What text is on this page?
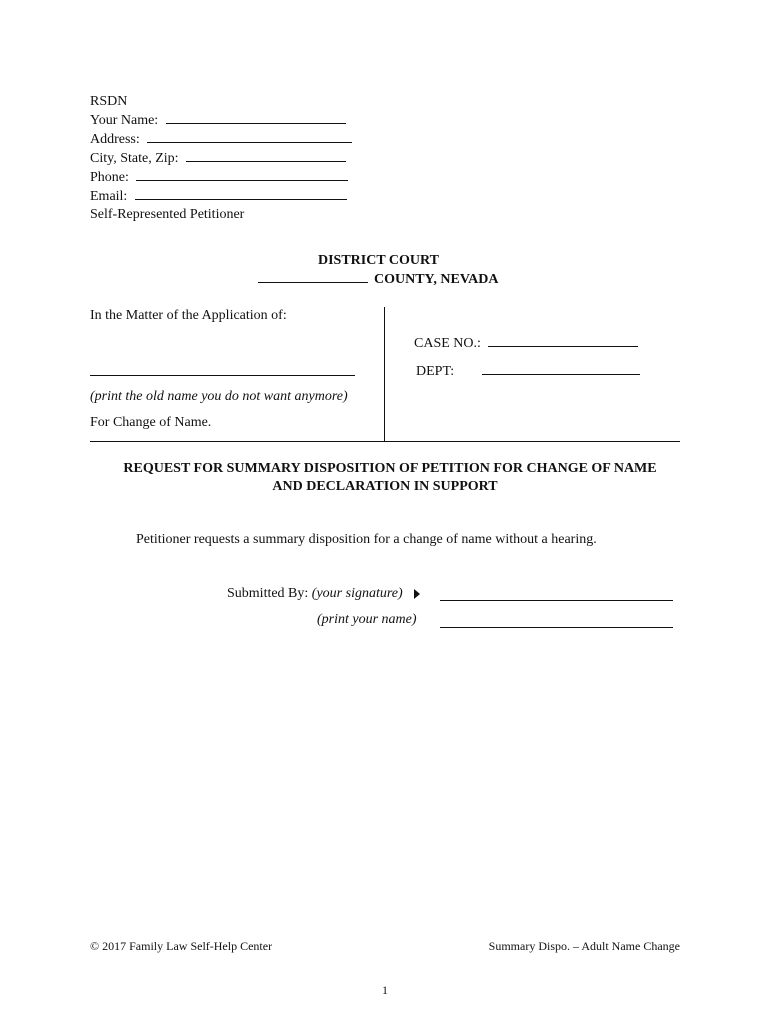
RSDN
Your Name:
Address:
City, State, Zip:
Phone:
Email:
Self-Represented Petitioner
DISTRICT COURT
COUNTY, NEVADA
In the Matter of the Application of:
(print the old name you do not want anymore)
For Change of Name.
CASE NO.:
DEPT:
REQUEST FOR SUMMARY DISPOSITION OF PETITION FOR CHANGE OF NAME
AND DECLARATION IN SUPPORT
Petitioner requests a summary disposition for a change of name without a hearing.
Submitted By: (your signature)
(print your name)
© 2017 Family Law Self-Help Center	Summary Dispo. – Adult Name Change
1
